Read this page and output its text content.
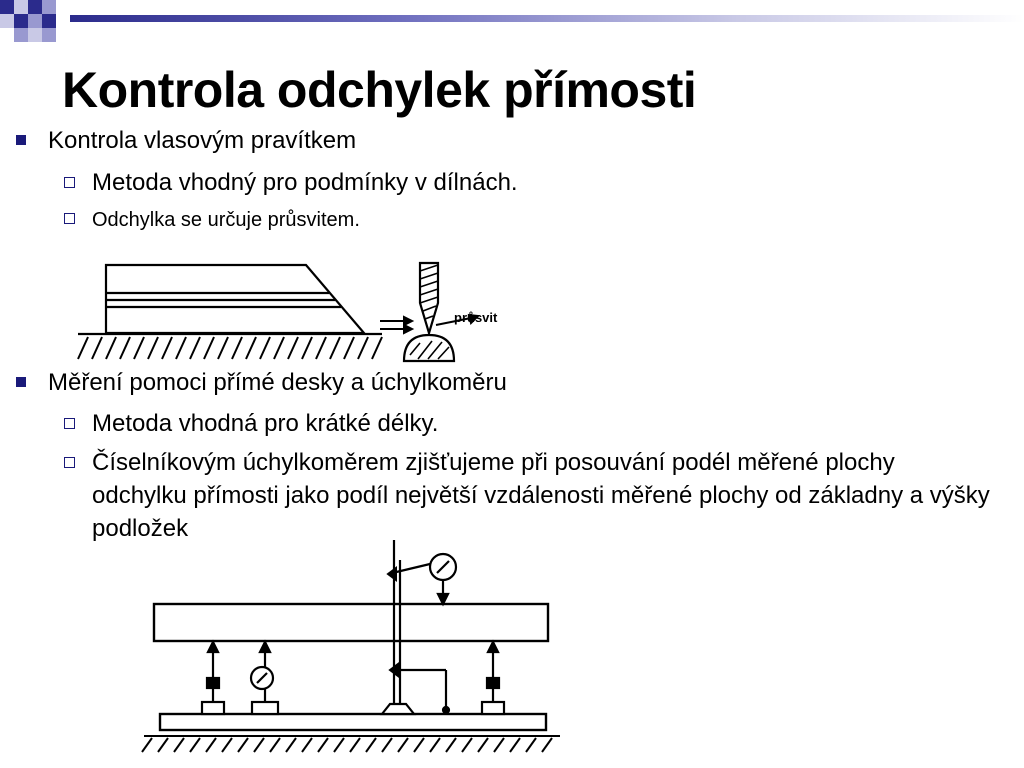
Kontrola odchylek přímosti
Kontrola vlasovým pravítkem
Metoda vhodný pro podmínky v dílnách.
Odchylka se určuje průsvitem.
průsvit
Měření pomoci přímé desky a úchylkoměru
Metoda vhodná pro krátké délky.
Číselníkovým úchylkoměrem zjišťujeme při posouvání podél měřené plochy odchylku přímosti jako podíl největší vzdálenosti měřené plochy od základny a výšky podložek
